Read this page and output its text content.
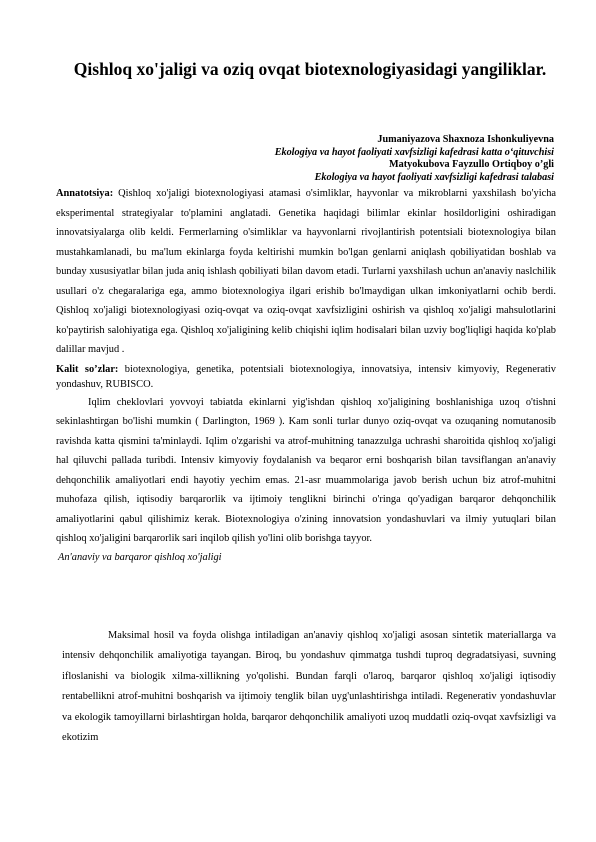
Qishloq xo'jaligi va oziq ovqat biotexnologiyasidagi yangiliklar.
Jumaniyazova Shaxnoza Ishonkuliyevna
Ekologiya va hayot faoliyati xavfsizligi kafedrasi katta o‘qituvchisi
Matyokubova Fayzullo Ortiqboy o’gli
Ekologiya va hayot faoliyati xavfsizligi kafedrasi talabasi

Annatotsiya: Qishloq xo'jaligi biotexnologiyasi atamasi o'simliklar, hayvonlar va mikroblarni yaxshilash bo'yicha eksperimental strategiyalar to'plamini anglatadi. Genetika haqidagi bilimlar ekinlar hosildorligini oshiradigan innovatsiyalarga olib keldi. Fermerlarning o'simliklar va hayvonlarni rivojlantirish potentsiali biotexnologiya bilan mustahkamlanadi, bu ma'lum ekinlarga foyda keltirishi mumkin bo'lgan genlarni aniqlash qobiliyatidan boshlab va bunday xususiyatlar bilan juda aniq ishlash qobiliyati bilan davom etadi. Turlarni yaxshilash uchun an'anaviy naslchilik usullari o'z chegaralariga ega, ammo biotexnologiya ilgari erishib bo'lmaydigan ulkan imkoniyatlarni ochib berdi. Qishloq xo'jaligi biotexnologiyasi oziq-ovqat va oziq-ovqat xavfsizligini oshirish va qishloq xo'jaligi mahsulotlarini ko'paytirish salohiyatiga ega. Qishloq xo'jaligining kelib chiqishi iqlim hodisalari bilan uzviy bog'liqligi haqida ko'plab dalillar mavjud .

Kalit so’zlar: biotexnologiya, genetika, potentsiali biotexnologiya, innovatsiya, intensiv kimyoviy, Regenerativ yondashuv, RUBISCO.

Iqlim cheklovlari yovvoyi tabiatda ekinlarni yig'ishdan qishloq xo'jaligining boshlanishiga uzoq o'tishni sekinlashtirgan bo'lishi mumkin ( Darlington, 1969 ). Kam sonli turlar dunyo oziq-ovqat va ozuqaning nomutanosib ravishda katta qismini ta'minlaydi. Iqlim o'zgarishi va atrof-muhitning tanazzulga uchrashi sharoitida qishloq xo'jaligi hal qiluvchi pallada turibdi. Intensiv kimyoviy foydalanish va beqaror erni boshqarish bilan tavsiflangan an'anaviy dehqonchilik amaliyotlari endi hayotiy yechim emas. 21-asr muammolariga javob berish uchun biz atrof-muhitni muhofaza qilish, iqtisodiy barqarorlik va ijtimoiy tenglikni birinchi o'ringa qo'yadigan barqaror dehqonchilik amaliyotlarini qabul qilishimiz kerak. Biotexnologiya o'zining innovatsion yondashuvlari va ilmiy yutuqlari bilan qishloq xo'jaligini barqarorlik sari inqilob qilish yo'lini olib borishga tayyor.

An'anaviy va barqaror qishloq xo'jaligi

Maksimal hosil va foyda olishga intiladigan an'anaviy qishloq xo'jaligi asosan sintetik materiallarga va intensiv dehqonchilik amaliyotiga tayangan. Biroq, bu yondashuv qimmatga tushdi tuproq degradatsiyasi, suvning ifloslanishi va biologik xilma-xillikning yo'qolishi. Bundan farqli o'laroq, barqaror qishloq xo'jaligi iqtisodiy rentabellikni atrof-muhitni boshqarish va ijtimoiy tenglik bilan uyg'unlashtirishga intiladi. Regenerativ yondashuvlar va ekologik tamoyillarni birlashtirgan holda, barqaror dehqonchilik amaliyoti uzoq muddatli oziq-ovqat xavfsizligi va ekotizim
